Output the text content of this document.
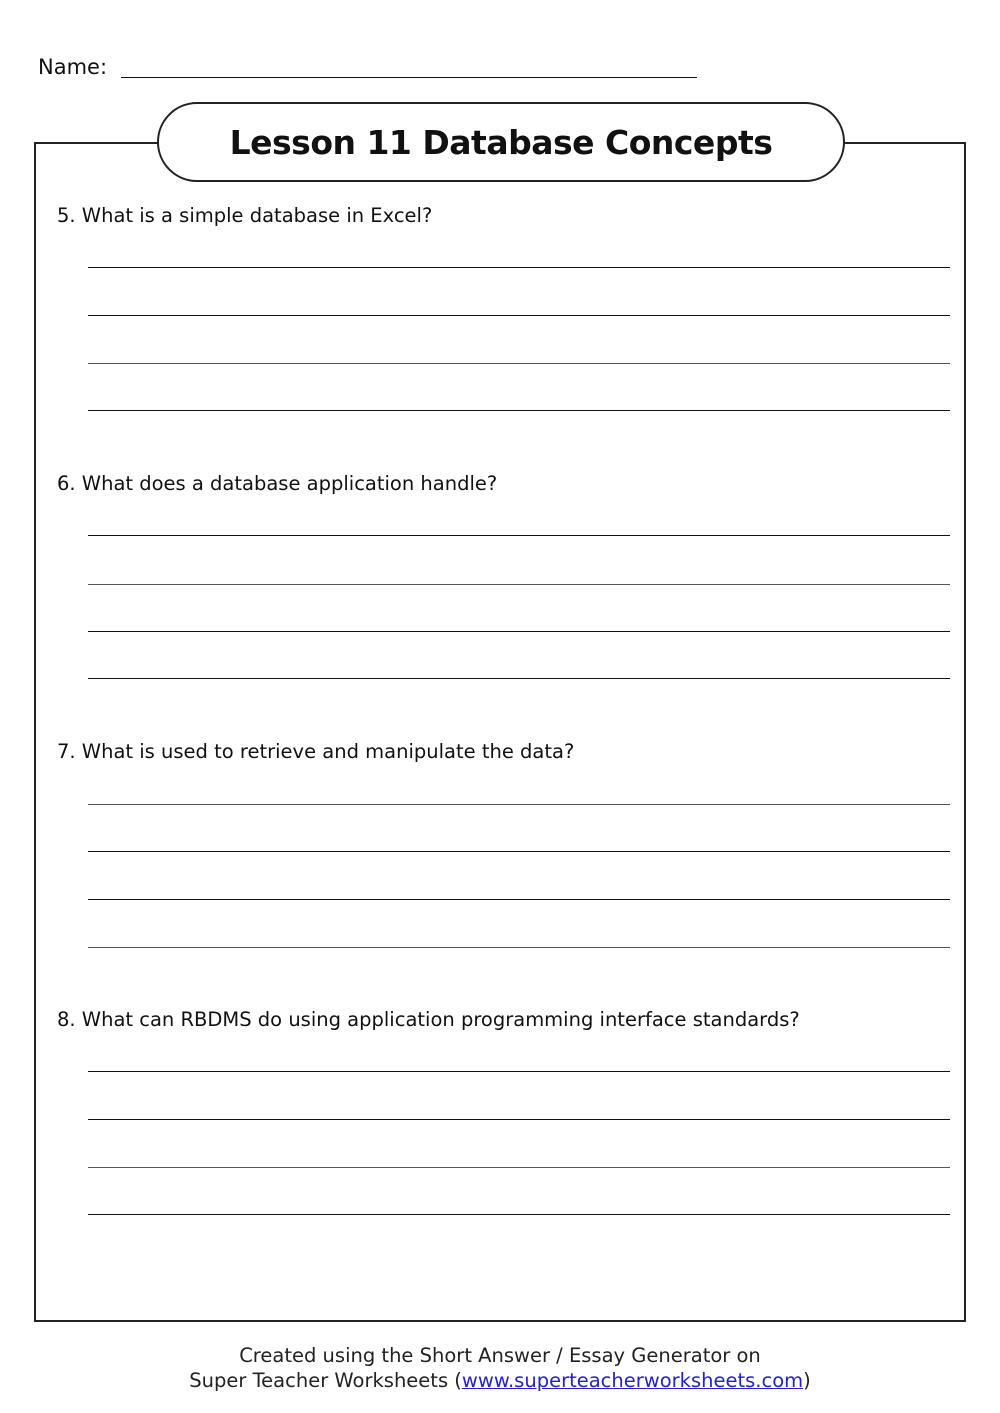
Name:
Lesson 11 Database Concepts
5. What is a simple database in Excel?
6. What does a database application handle?
7. What is used to retrieve and manipulate the data?
8. What can RBDMS do using application programming interface standards?
Created using the Short Answer / Essay Generator on
Super Teacher Worksheets (www.superteacherworksheets.com)
